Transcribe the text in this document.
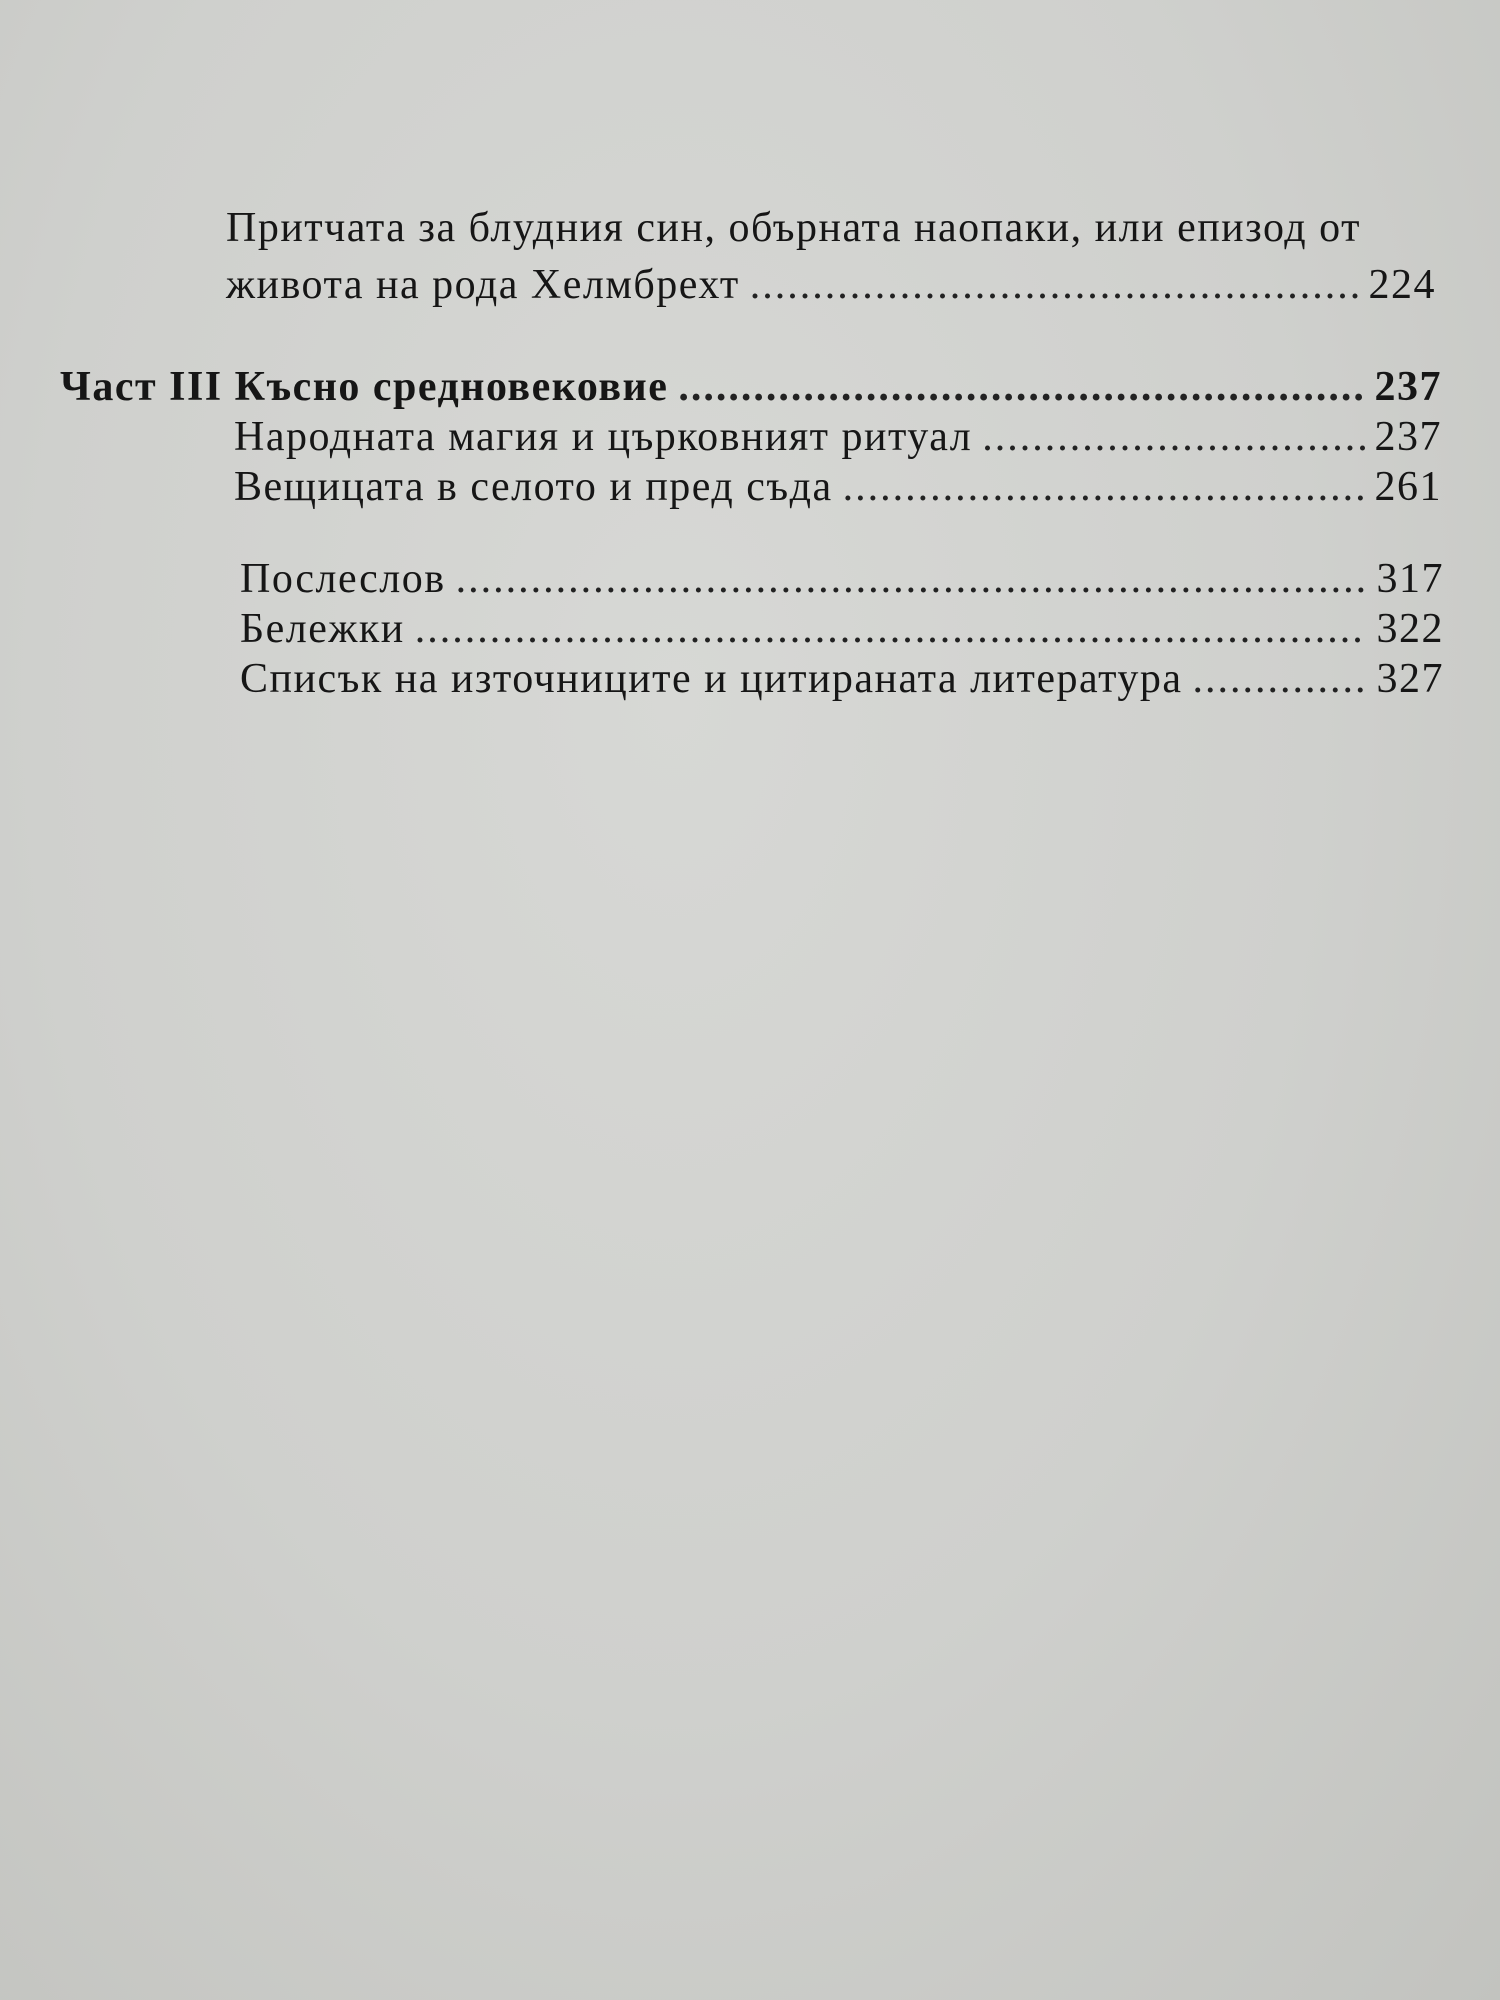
Притчата за блудния син, обърната наопаки, или епизод от
живота на рода Хелмбрехт .....	224
Част III Късно средновековие .....	237
Народната магия и църковният ритуал .....	237
Вещицата в селото и пред съда .....	261
Послеслов .....	317
Бележки .....	322
Списък на източниците и цитираната литература .....	327
